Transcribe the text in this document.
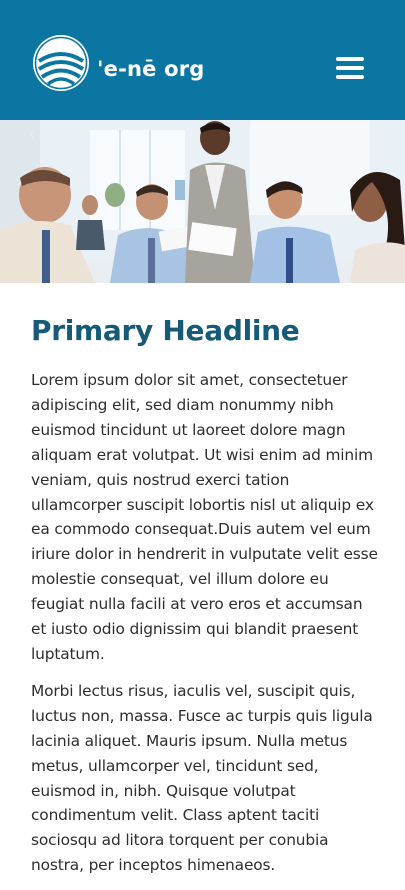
'e-nē org
‹	›
Primary Headline

Lorem ipsum dolor sit amet, consectetuer adipiscing elit, sed diam nonummy nibh euismod tincidunt ut laoreet dolore magn aliquam erat volutpat. Ut wisi enim ad minim veniam, quis nostrud exerci tation ullamcorper suscipit lobortis nisl ut aliquip ex ea commodo consequat.Duis autem vel eum iriure dolor in hendrerit in vulputate velit esse molestie consequat, vel illum dolore eu feugiat nulla facili at vero eros et accumsan et iusto odio dignissim qui blandit praesent luptatum.

Morbi lectus risus, iaculis vel, suscipit quis, luctus non, massa. Fusce ac turpis quis ligula lacinia aliquet. Mauris ipsum. Nulla metus metus, ullamcorper vel, tincidunt sed, euismod in, nibh. Quisque volutpat condimentum velit. Class aptent taciti sociosqu ad litora torquent per conubia nostra, per inceptos himenaeos.
